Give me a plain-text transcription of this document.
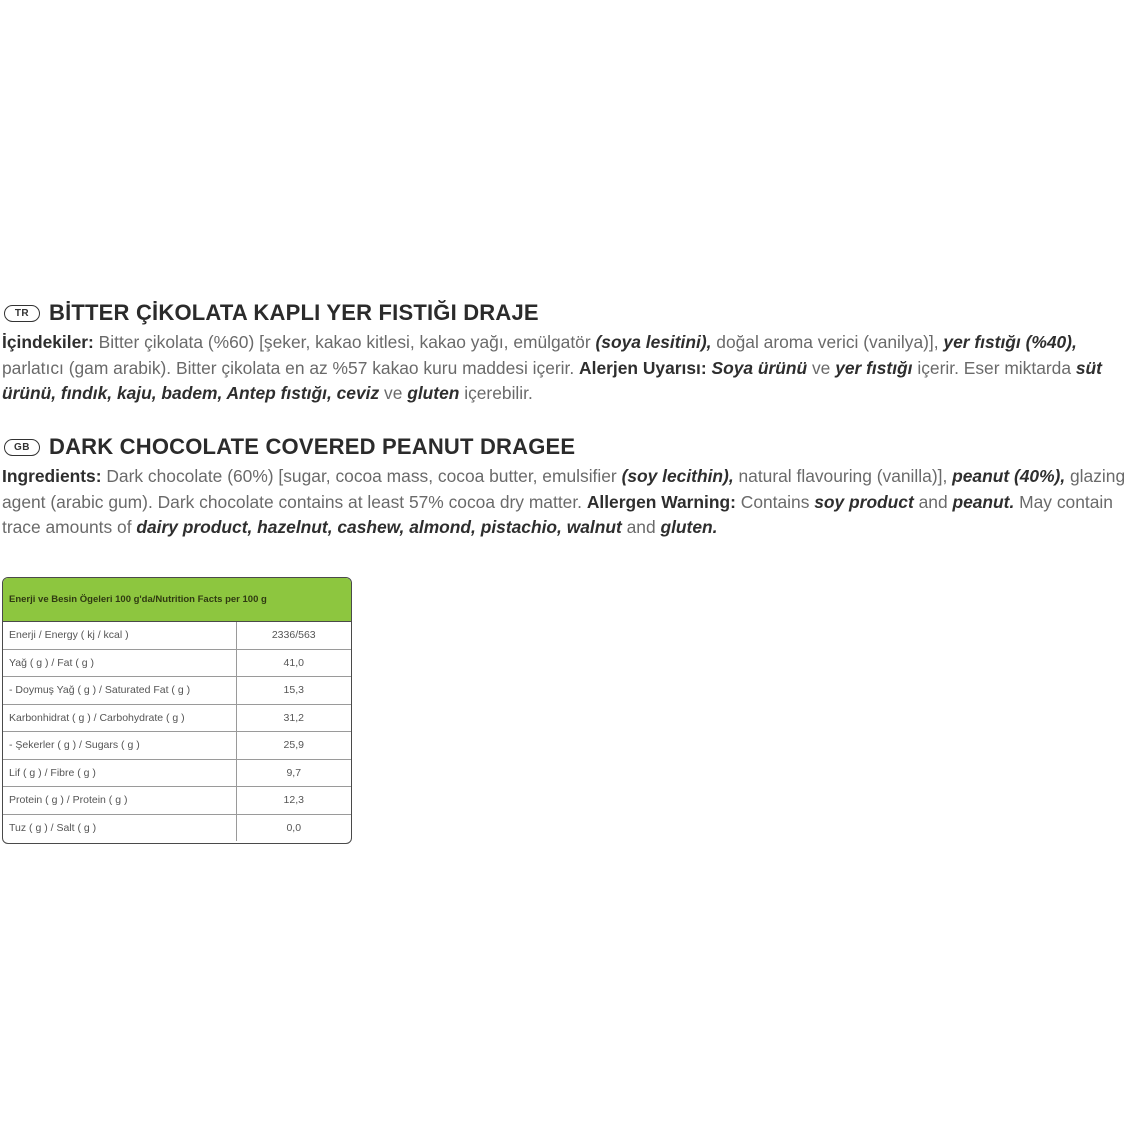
TR BİTTER ÇİKOLATA KAPLI YER FISTIĞI DRAJE
İçindekiler: Bitter çikolata (%60) [şeker, kakao kitlesi, kakao yağı, emülgatör (soya lesitini), doğal aroma verici (vanilya)], yer fıstığı (%40), parlatıcı (gam arabik). Bitter çikolata en az %57 kakao kuru maddesi içerir. Alerjen Uyarısı: Soya ürünü ve yer fıstığı içerir. Eser miktarda süt ürünü, fındık, kaju, badem, Antep fıstığı, ceviz ve gluten içerebilir.
GB DARK CHOCOLATE COVERED PEANUT DRAGEE
Ingredients: Dark chocolate (60%) [sugar, cocoa mass, cocoa butter, emulsifier (soy lecithin), natural flavouring (vanilla)], peanut (40%), glazing agent (arabic gum). Dark chocolate contains at least 57% cocoa dry matter. Allergen Warning: Contains soy product and peanut. May contain trace amounts of dairy product, hazelnut, cashew, almond, pistachio, walnut and gluten.
Enerji ve Besin Ögeleri 100 g'da/Nutrition Facts per 100 g	
Enerji / Energy ( kj / kcal )	2336/563
Yağ ( g ) / Fat ( g )	41,0
- Doymuş Yağ ( g ) / Saturated Fat ( g )	15,3
Karbonhidrat ( g ) / Carbohydrate ( g )	31,2
- Şekerler ( g ) / Sugars ( g )	25,9
Lif ( g ) / Fibre ( g )	9,7
Protein ( g ) / Protein ( g )	12,3
Tuz ( g ) / Salt ( g )	0,0
